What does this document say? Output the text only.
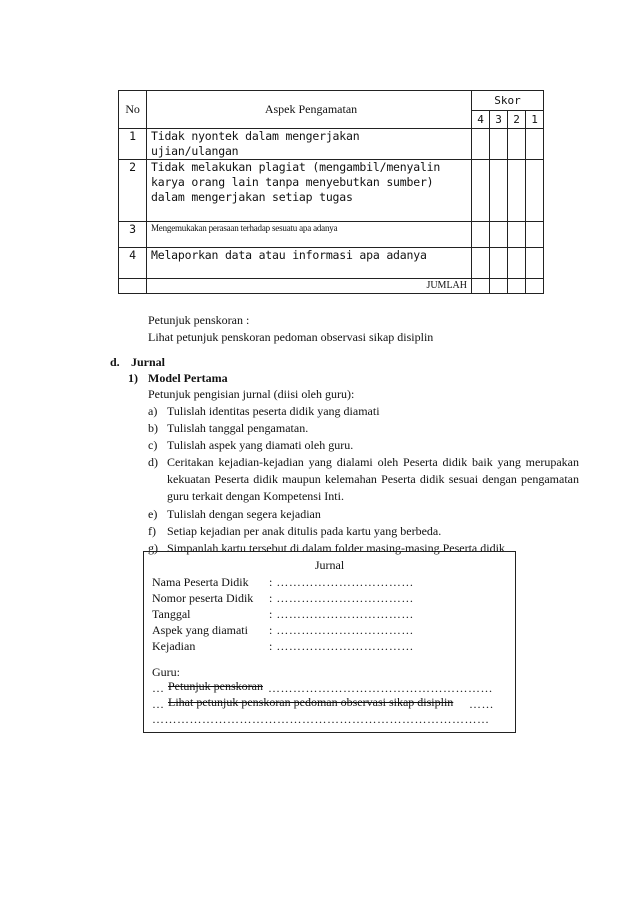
No	Aspek Pengamatan	Skor			
		4	3	2	1
1	Tidak nyontek dalam mengerjakan ujian/ulangan				
2	Tidak melakukan plagiat (mengambil/menyalin karya orang lain tanpa menyebutkan sumber) dalam mengerjakan setiap tugas				
3	Mengemukakan perasaan terhadap sesuatu apa adanya				
4	Melaporkan data atau informasi apa adanya				
	JUMLAH				
Petunjuk penskoran :
Lihat petunjuk penskoran pedoman observasi sikap disiplin
d. Jurnal
1) Model Pertama
Petunjuk pengisian jurnal (diisi oleh guru):
a) Tulislah identitas peserta didik yang diamati
b) Tulislah tanggal pengamatan.
c) Tulislah aspek yang diamati oleh guru.
d) Ceritakan kejadian-kejadian yang dialami oleh Peserta didik baik yang merupakan kekuatan Peserta didik maupun kelemahan Peserta didik sesuai dengan pengamatan guru terkait dengan Kompetensi Inti.
e) Tulislah dengan segera kejadian
f) Setiap kejadian per anak ditulis pada kartu yang berbeda.
g) Simpanlah kartu tersebut di dalam folder masing-masing Peserta didik
Jurnal
Nama Peserta Didik : ……………………………
Nomor peserta Didik : ……………………………
Tanggal	: ……………………………
Aspek yang diamati : ……………………………
Kejadian	: ……………………………
Guru:
… Petunjuk penskoran ………………………………………………
… Lihat petunjuk penskoran pedoman observasi sikap disiplin ……
………………………………………………………………………
